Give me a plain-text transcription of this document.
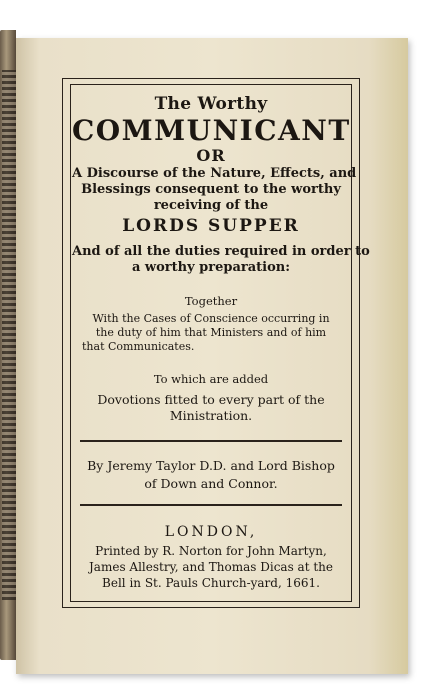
The Worthy
COMMUNICANT
OR
A Discourse of the Nature, Effects, and
Blessings consequent to the worthy
receiving of the
LORDS SUPPER
And of all the duties required in order to
a worthy preparation:
Together
With the Cases of Conscience occurring in
the duty of him that Ministers and of him
that Communicates.
To which are added
Dovotions fitted to every part of the
Ministration.
By Jeremy Taylor D.D. and Lord Bishop
of Down and Connor.
LONDON,
Printed by R. Norton for John Martyn,
James Allestry, and Thomas Dicas at the
Bell in St. Pauls Church-yard, 1661.
